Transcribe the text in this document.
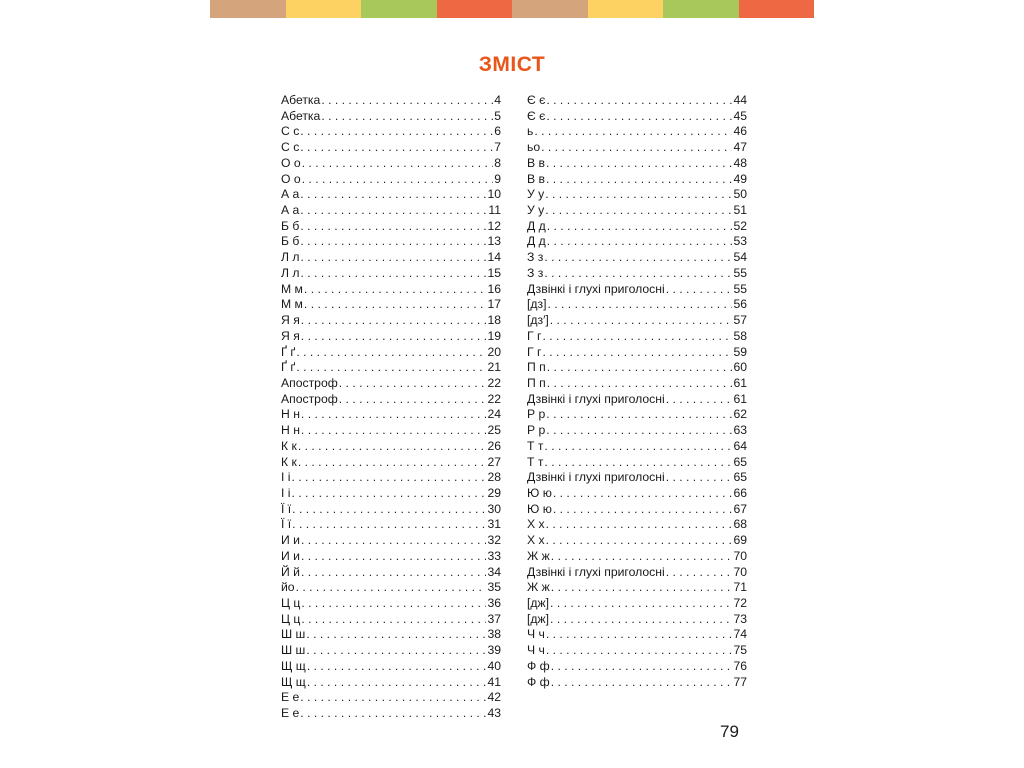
ЗМІСТ
Абетка . . .	4
Абетка . . .	5
С с . . .	6
С с . . .	7
О о . . .	8
О о . . .	9
А а . . .	10
А а . . .	11
Б б . . .	12
Б б . . .	13
Л л . . .	14
Л л . . .	15
М м . . .	16
М м . . .	17
Я я . . .	18
Я я . . .	19
Ґ ґ . . .	20
Ґ ґ . . .	21
Апостроф . . .	22
Апостроф . . .	22
Н н . . .	24
Н н . . .	25
К к . . .	26
К к . . .	27
І і . . .	28
І і . . .	29
Ї ї . . .	30
Ї ї . . .	31
И и . . .	32
И и . . .	33
Й й . . .	34
йо . . .	35
Ц ц . . .	36
Ц ц . . .	37
Ш ш . . .	38
Ш ш . . .	39
Щ щ . . .	40
Щ щ . . .	41
Е е . . .	42
Е е . . .	43
Є є . . .	44
Є є . . .	45
ь . . .	46
ьо . . .	47
В в . . .	48
В в . . .	49
У у . . .	50
У у . . .	51
Д д . . .	52
Д д . . .	53
З з . . .	54
З з . . .	55
Дзвінкі і глухі приголосні . . .	55
[дз] . . .	56
[дз′] . . .	57
Г г . . .	58
Г г . . .	59
П п . . .	60
П п . . .	61
Дзвінкі і глухі приголосні . . .	61
Р р . . .	62
Р р . . .	63
Т т . . .	64
Т т . . .	65
Дзвінкі і глухі приголосні . . .	65
Ю ю . . .	66
Ю ю . . .	67
Х х . . .	68
Х х . . .	69
Ж ж . . .	70
Дзвінкі і глухі приголосні . . .	70
Ж ж . . .	71
[дж] . . .	72
[дж] . . .	73
Ч ч . . .	74
Ч ч . . .	75
Ф ф . . .	76
Ф ф . . .	77
79
